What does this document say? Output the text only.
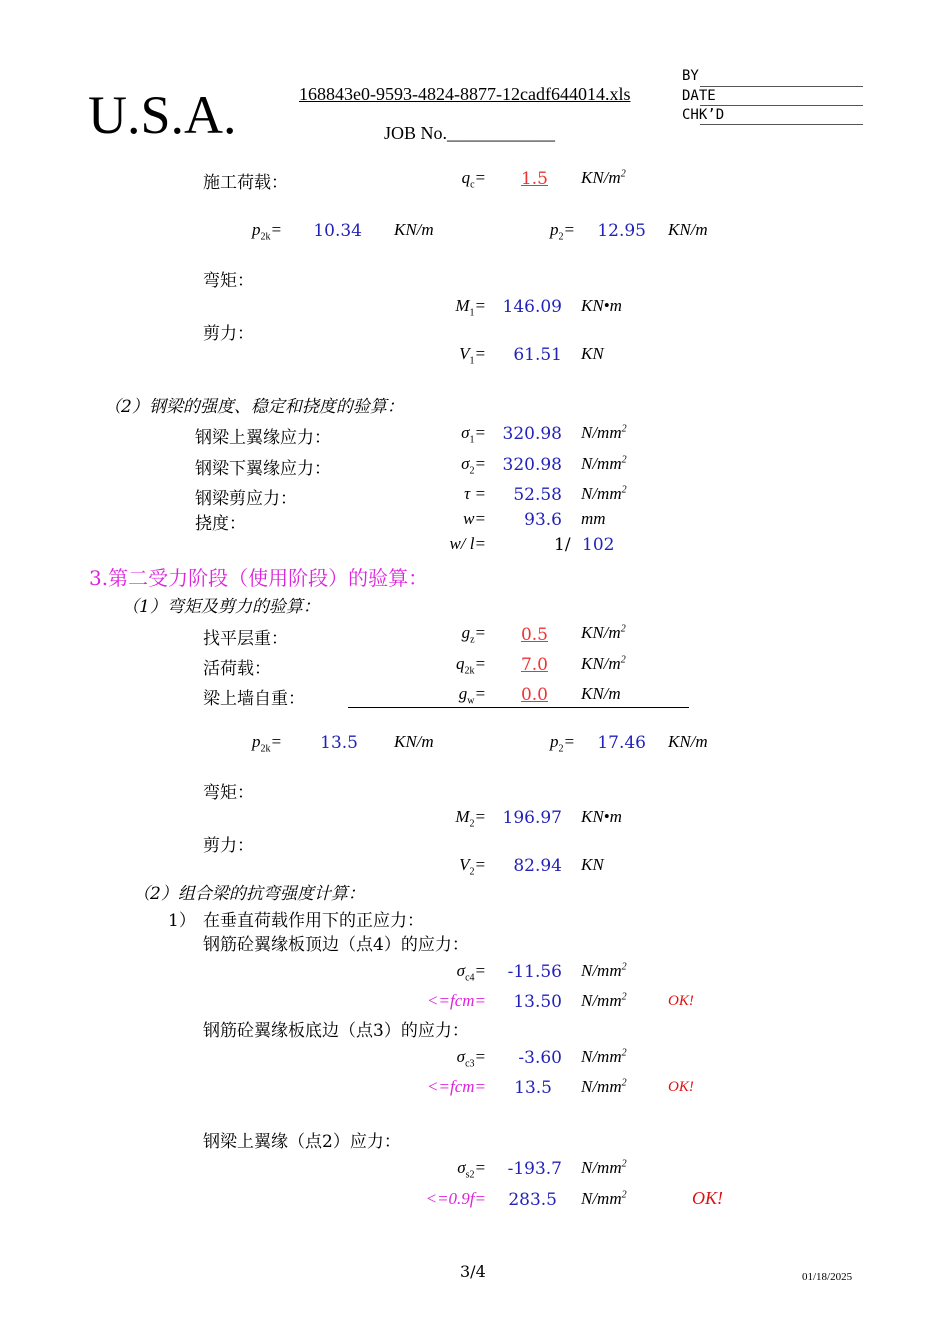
U.S.A.	168843e0-9593-4824-8877-12cadf644014.xls
JOB No.____________
BY
DATE
CHK’D
施工荷载：	$q_c=$	1.5 $KN/m^2$
$p_{2k}=$	10.34 KN/m	$p_2=$	12.95 KN/m
弯矩：
$M_1= 146.09$ KN•m
剪力：
$V_1=$	61.51 KN
（2）钢梁的强度、稳定和挠度的验算：
钢梁上翼缘应力：	$\sigma_1= 320.98$ $N/mm^2$
钢梁下翼缘应力：	$\sigma_2= 320.98$ $N/mm^2$
钢梁剪应力：	τ =	52.58 $N/mm^2$
挠度：	w=	93.6 mm
w/ l=	1/ 102
3.第二受力阶段（使用阶段）的验算：
（1）弯矩及剪力的验算：
找平层重：	$g_z=$	0.5 $KN/m^2$
活荷载：	$q_{2k}=$	7.0 $KN/m^2$
梁上墙自重：	$g_w=$	0.0 KN/m
$p_{2k}=$	13.5 KN/m	$p_2=$	17.46 KN/m
弯矩：
$M_2= 196.97$ KN•m
剪力：
$V_2=$	82.94 KN
（2）组合梁的抗弯强度计算：
1） 在垂直荷载作用下的正应力：
钢筋砼翼缘板顶边（点4）的应力：
$\sigma_{c4}=$	-11.56 $N/mm^2$
<=fcm=	13.50 $N/mm^2$	OK!
钢筋砼翼缘板底边（点3）的应力：
$\sigma_{c3}=$	-3.60 $N/mm^2$
<=fcm=	13.5 $N/mm^2$	OK!
钢梁上翼缘（点2）应力：
$\sigma_{s2}=$	-193.7 $N/mm^2$
<=0.9f=	283.5 $N/mm^2$	OK!
3/4	01/18/2025
